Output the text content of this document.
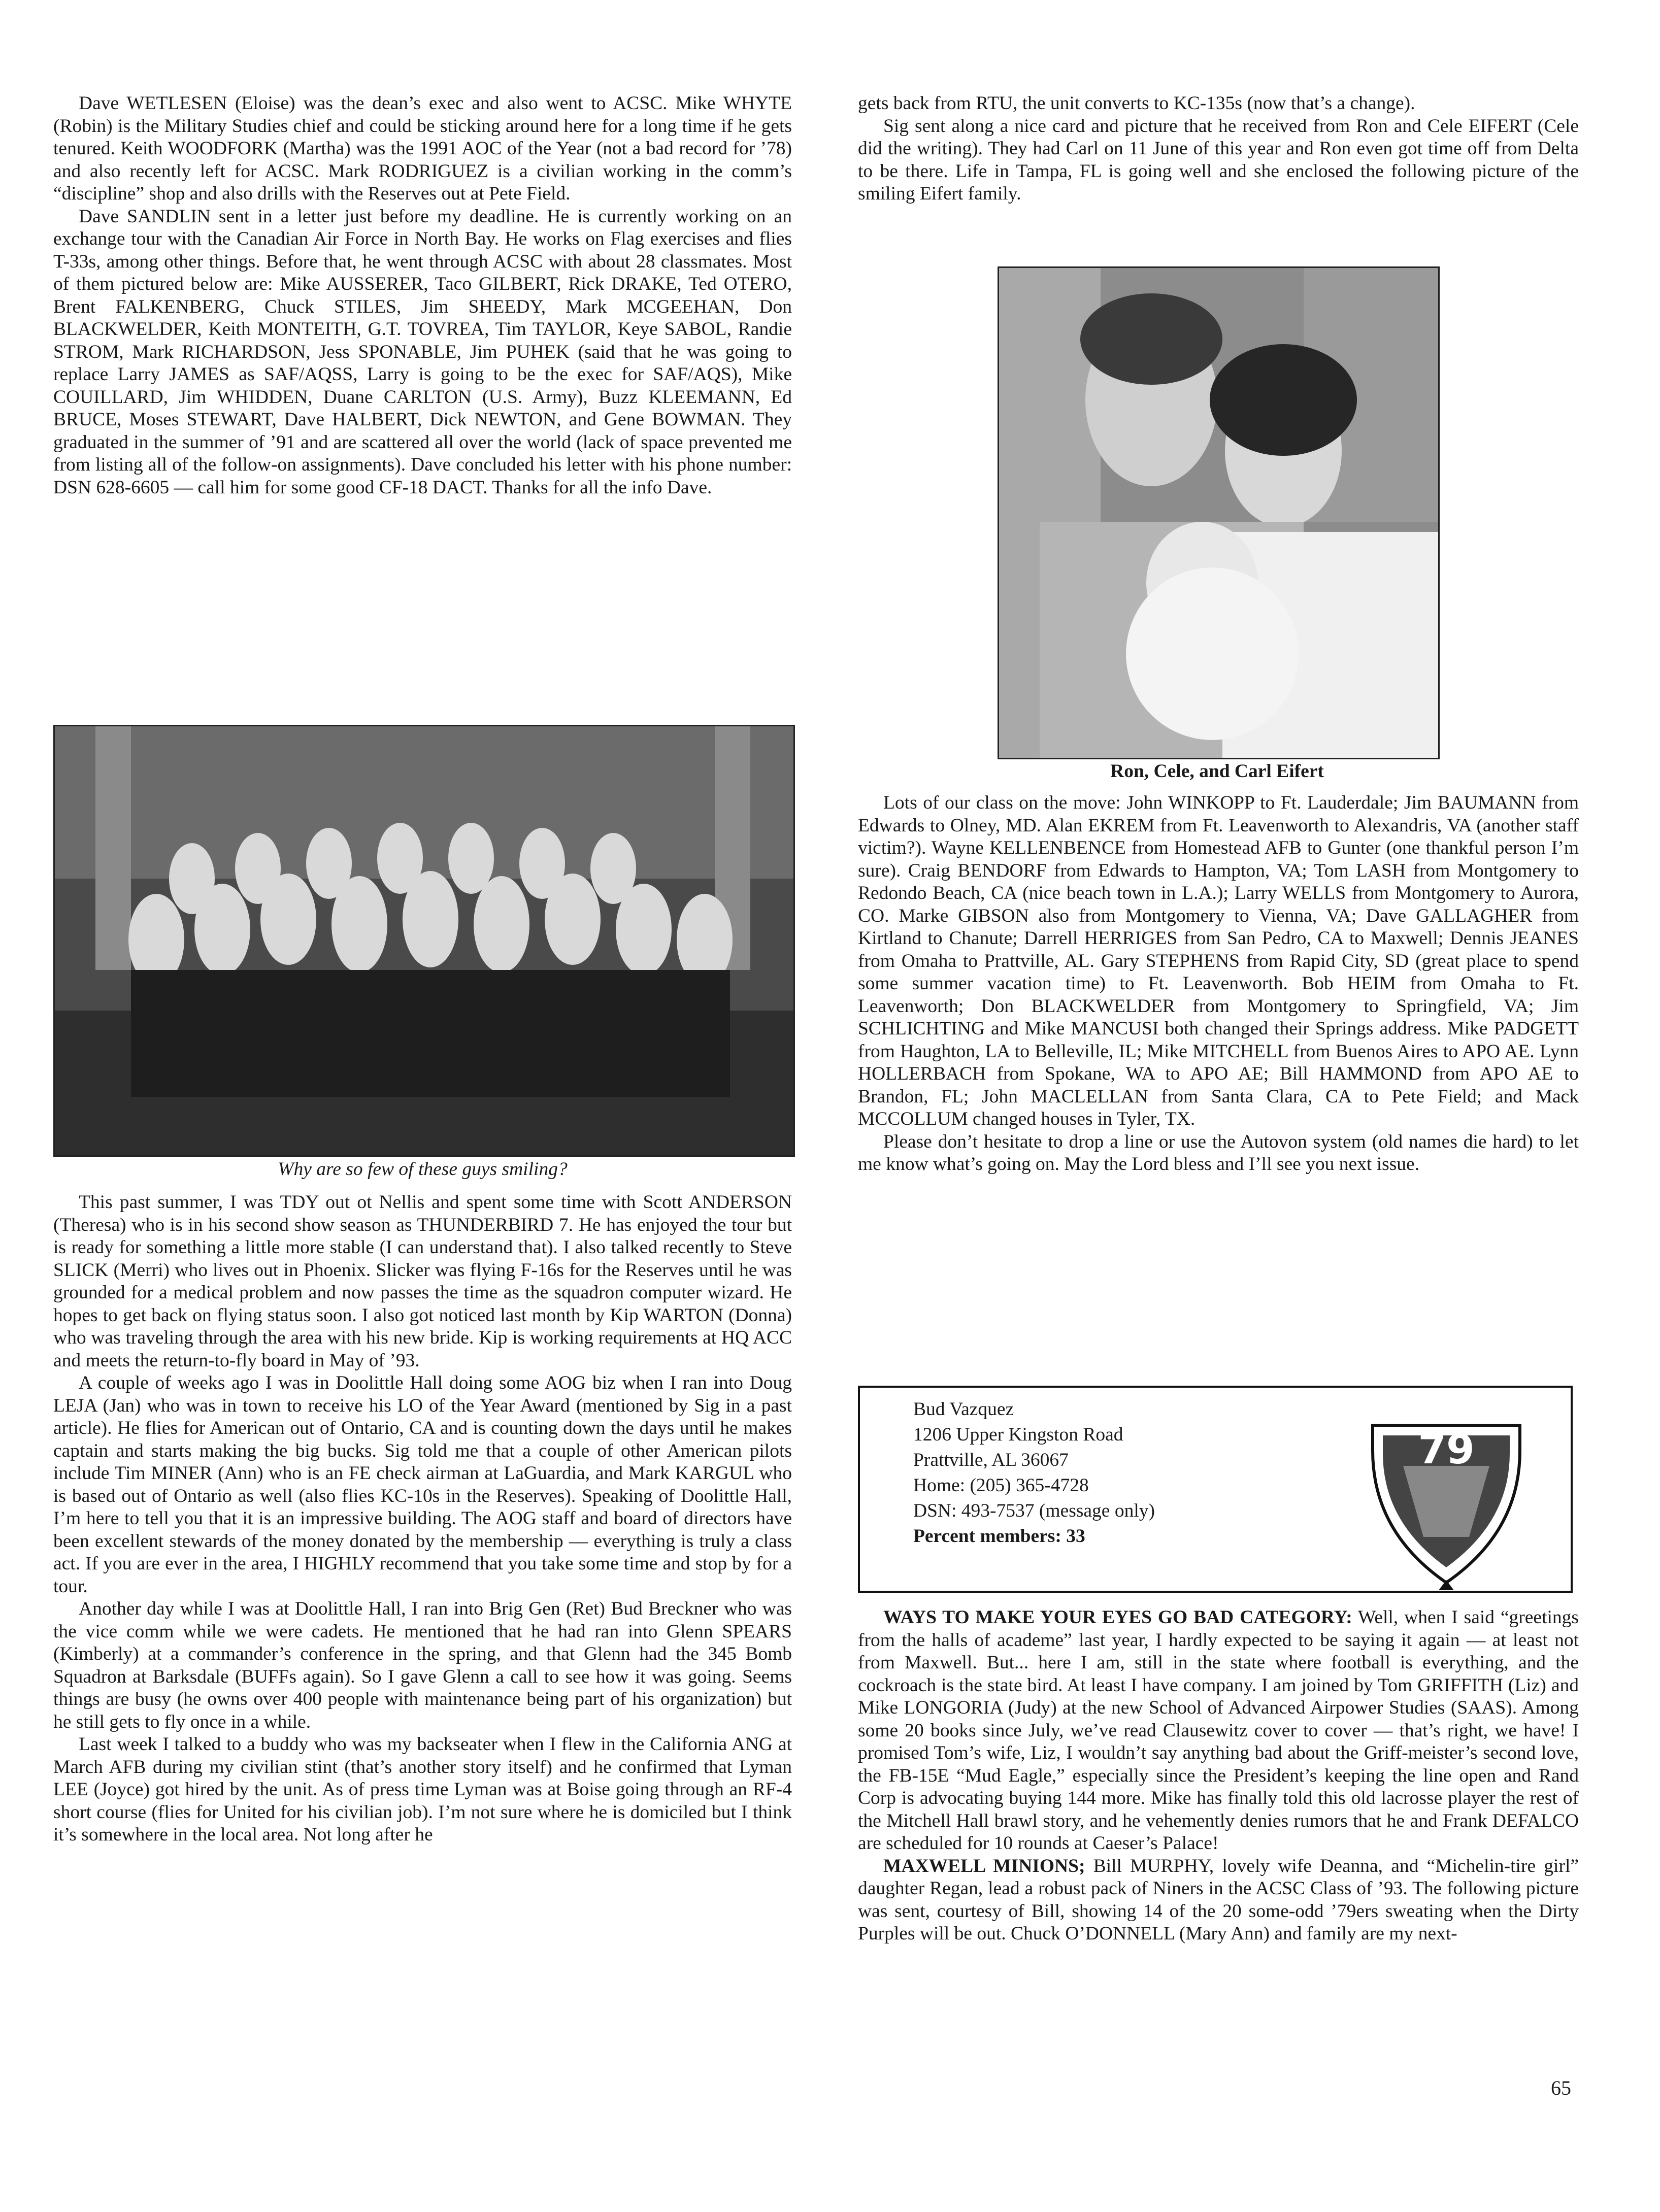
Dave WETLESEN (Eloise) was the dean’s exec and also went to ACSC. Mike WHYTE (Robin) is the Military Studies chief and could be sticking around here for a long time if he gets tenured. Keith WOODFORK (Martha) was the 1991 AOC of the Year (not a bad record for ’78) and also recently left for ACSC. Mark RODRIGUEZ is a civilian working in the comm’s “discipline” shop and also drills with the Reserves out at Pete Field.

Dave SANDLIN sent in a letter just before my deadline. He is currently working on an exchange tour with the Canadian Air Force in North Bay. He works on Flag exercises and flies T-33s, among other things. Before that, he went through ACSC with about 28 classmates. Most of them pictured below are: Mike AUSSERER, Taco GILBERT, Rick DRAKE, Ted OTERO, Brent FALKENBERG, Chuck STILES, Jim SHEEDY, Mark MCGEEHAN, Don BLACKWELDER, Keith MONTEITH, G.T. TOVREA, Tim TAYLOR, Keye SABOL, Randie STROM, Mark RICHARDSON, Jess SPONABLE, Jim PUHEK (said that he was going to replace Larry JAMES as SAF/AQSS, Larry is going to be the exec for SAF/AQS), Mike COUILLARD, Jim WHIDDEN, Duane CARLTON (U.S. Army), Buzz KLEEMANN, Ed BRUCE, Moses STEWART, Dave HALBERT, Dick NEWTON, and Gene BOWMAN. They graduated in the summer of ’91 and are scattered all over the world (lack of space prevented me from listing all of the follow-on assignments). Dave concluded his letter with his phone number: DSN 628-6605 — call him for some good CF-18 DACT. Thanks for all the info Dave.

Why are so few of these guys smiling?

This past summer, I was TDY out ot Nellis and spent some time with Scott ANDERSON (Theresa) who is in his second show season as THUNDERBIRD 7. He has enjoyed the tour but is ready for something a little more stable (I can understand that). I also talked recently to Steve SLICK (Merri) who lives out in Phoenix. Slicker was flying F-16s for the Reserves until he was grounded for a medical problem and now passes the time as the squadron computer wizard. He hopes to get back on flying status soon. I also got noticed last month by Kip WARTON (Donna) who was traveling through the area with his new bride. Kip is working requirements at HQ ACC and meets the return-to-fly board in May of ’93.

A couple of weeks ago I was in Doolittle Hall doing some AOG biz when I ran into Doug LEJA (Jan) who was in town to receive his LO of the Year Award (mentioned by Sig in a past article). He flies for American out of Ontario, CA and is counting down the days until he makes captain and starts making the big bucks. Sig told me that a couple of other American pilots include Tim MINER (Ann) who is an FE check airman at LaGuardia, and Mark KARGUL who is based out of Ontario as well (also flies KC-10s in the Reserves). Speaking of Doolittle Hall, I’m here to tell you that it is an impressive building. The AOG staff and board of directors have been excellent stewards of the money donated by the membership — everything is truly a class act. If you are ever in the area, I HIGHLY recommend that you take some time and stop by for a tour.

Another day while I was at Doolittle Hall, I ran into Brig Gen (Ret) Bud Breckner who was the vice comm while we were cadets. He mentioned that he had ran into Glenn SPEARS (Kimberly) at a commander’s conference in the spring, and that Glenn had the 345 Bomb Squadron at Barksdale (BUFFs again). So I gave Glenn a call to see how it was going. Seems things are busy (he owns over 400 people with maintenance being part of his organization) but he still gets to fly once in a while.

Last week I talked to a buddy who was my backseater when I flew in the California ANG at March AFB during my civilian stint (that’s another story itself) and he confirmed that Lyman LEE (Joyce) got hired by the unit. As of press time Lyman was at Boise going through an RF-4 short course (flies for United for his civilian job). I’m not sure where he is domiciled but I think it’s somewhere in the local area. Not long after he

gets back from RTU, the unit converts to KC-135s (now that’s a change).

Sig sent along a nice card and picture that he received from Ron and Cele EIFERT (Cele did the writing). They had Carl on 11 June of this year and Ron even got time off from Delta to be there. Life in Tampa, FL is going well and she enclosed the following picture of the smiling Eifert family.

Ron, Cele, and Carl Eifert

Lots of our class on the move: John WINKOPP to Ft. Lauderdale; Jim BAUMANN from Edwards to Olney, MD. Alan EKREM from Ft. Leavenworth to Alexandris, VA (another staff victim?). Wayne KELLENBENCE from Homestead AFB to Gunter (one thankful person I’m sure). Craig BENDORF from Edwards to Hampton, VA; Tom LASH from Montgomery to Redondo Beach, CA (nice beach town in L.A.); Larry WELLS from Montgomery to Aurora, CO. Marke GIBSON also from Montgomery to Vienna, VA; Dave GALLAGHER from Kirtland to Chanute; Darrell HERRIGES from San Pedro, CA to Maxwell; Dennis JEANES from Omaha to Prattville, AL. Gary STEPHENS from Rapid City, SD (great place to spend some summer vacation time) to Ft. Leavenworth. Bob HEIM from Omaha to Ft. Leavenworth; Don BLACKWELDER from Montgomery to Springfield, VA; Jim SCHLICHTING and Mike MANCUSI both changed their Springs address. Mike PADGETT from Haughton, LA to Belleville, IL; Mike MITCHELL from Buenos Aires to APO AE. Lynn HOLLERBACH from Spokane, WA to APO AE; Bill HAMMOND from APO AE to Brandon, FL; John MACLELLAN from Santa Clara, CA to Pete Field; and Mack MCCOLLUM changed houses in Tyler, TX.

Please don’t hesitate to drop a line or use the Autovon system (old names die hard) to let me know what’s going on. May the Lord bless and I’ll see you next issue.

Bud Vazquez

1206 Upper Kingston Road

Prattville, AL 36067

Home: (205) 365-4728

DSN: 493-7537 (message only)

Percent members: 33

79

WAYS TO MAKE YOUR EYES GO BAD CATEGORY: Well, when I said “greetings from the halls of academe” last year, I hardly expected to be saying it again — at least not from Maxwell. But... here I am, still in the state where football is everything, and the cockroach is the state bird. At least I have company. I am joined by Tom GRIFFITH (Liz) and Mike LONGORIA (Judy) at the new School of Advanced Airpower Studies (SAAS). Among some 20 books since July, we’ve read Clausewitz cover to cover — that’s right, we have! I promised Tom’s wife, Liz, I wouldn’t say anything bad about the Griff-meister’s second love, the FB-15E “Mud Eagle,” especially since the President’s keeping the line open and Rand Corp is advocating buying 144 more. Mike has finally told this old lacrosse player the rest of the Mitchell Hall brawl story, and he vehemently denies rumors that he and Frank DEFALCO are scheduled for 10 rounds at Caeser’s Palace!

MAXWELL MINIONS; Bill MURPHY, lovely wife Deanna, and “Michelin-tire girl” daughter Regan, lead a robust pack of Niners in the ACSC Class of ’93. The following picture was sent, courtesy of Bill, showing 14 of the 20 some-odd ’79ers sweating when the Dirty Purples will be out. Chuck O’DONNELL (Mary Ann) and family are my next-

65
